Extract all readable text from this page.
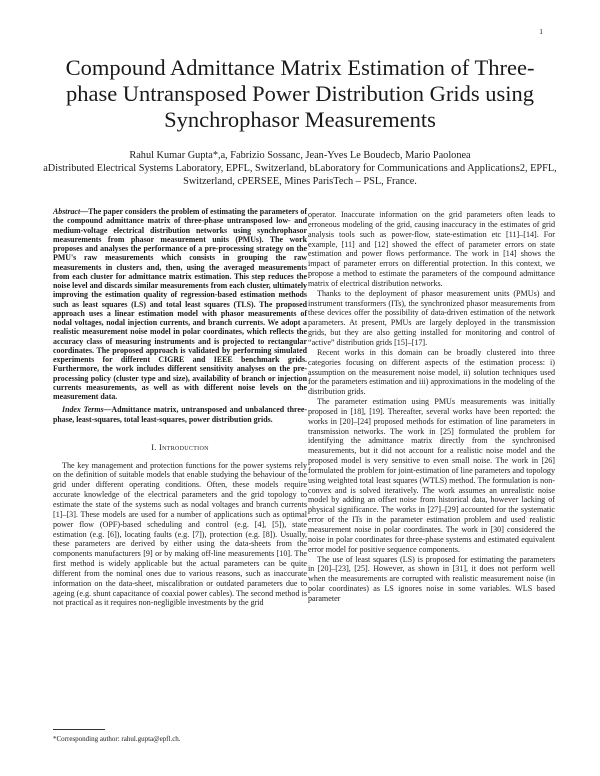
1
Compound Admittance Matrix Estimation of Three-phase Untransposed Power Distribution Grids using Synchrophasor Measurements
Rahul Kumar Gupta*,a, Fabrizio Sossanc, Jean-Yves Le Boudecb, Mario Paolonea
aDistributed Electrical Systems Laboratory, EPFL, Switzerland, bLaboratory for Communications and Applications2, EPFL, Switzerland, cPERSEE, Mines ParisTech – PSL, France.

Abstract—The paper considers the problem of estimating the parameters of the compound admittance matrix of three-phase untransposed low- and medium-voltage electrical distribution networks using synchrophasor measurements from phasor measurement units (PMUs). The work proposes and analyses the performance of a pre-processing strategy on the PMU's raw measurements which consists in grouping the raw measurements in clusters and, then, using the averaged measurements from each cluster for admittance matrix estimation. This step reduces the noise level and discards similar measurements from each cluster, ultimately improving the estimation quality of regression-based estimation methods such as least squares (LS) and total least squares (TLS). The proposed approach uses a linear estimation model with phasor measurements of nodal voltages, nodal injection currents, and branch currents. We adopt a realistic measurement noise model in polar coordinates, which reflects the accuracy class of measuring instruments and is projected to rectangular coordinates. The proposed approach is validated by performing simulated experiments for different CIGRE and IEEE benchmark grids. Furthermore, the work includes different sensitivity analyses on the pre-processing policy (cluster type and size), availability of branch or injection currents measurements, as well as with different noise levels on the measurement data.

Index Terms—Admittance matrix, untransposed and unbalanced three-phase, least-squares, total least-squares, power distribution grids.

I. Introduction

The key management and protection functions for the power systems rely on the definition of suitable models that enable studying the behaviour of the grid under different operating conditions. Often, these models require accurate knowledge of the electrical parameters and the grid topology to estimate the state of the systems such as nodal voltages and branch currents [1]–[3]. These models are used for a number of applications such as optimal power flow (OPF)-based scheduling and control (e.g. [4], [5]), state estimation (e.g. [6]), locating faults (e.g. [7]), protection (e.g. [8]). Usually, these parameters are derived by either using the data-sheets from the components manufacturers [9] or by making off-line measurements [10]. The first method is widely applicable but the actual parameters can be quite different from the nominal ones due to various reasons, such as inaccurate information on the data-sheet, miscalibration or outdated parameters due to ageing (e.g. shunt capacitance of coaxial power cables). The second method is not practical as it requires non-negligible investments by the grid

operator. Inaccurate information on the grid parameters often leads to erroneous modeling of the grid, causing inaccuracy in the estimates of grid analysis tools such as power-flow, state-estimation etc [11]–[14]. For example, [11] and [12] showed the effect of parameter errors on state estimation and power flows performance. The work in [14] shows the impact of parameter errors on differential protection. In this context, we propose a method to estimate the parameters of the compound admittance matrix of electrical distribution networks.

Thanks to the deployment of phasor measurement units (PMUs) and instrument transformers (ITs), the synchronized phasor measurements from these devices offer the possibility of data-driven estimation of the network parameters. At present, PMUs are largely deployed in the transmission grids, but they are also getting installed for monitoring and control of “active” distribution grids [15]–[17].

Recent works in this domain can be broadly clustered into three categories focusing on different aspects of the estimation process: i) assumption on the measurement noise model, ii) solution techniques used for the parameters estimation and iii) approximations in the modeling of the distribution grids.

The parameter estimation using PMUs measurements was initially proposed in [18], [19]. Thereafter, several works have been reported: the works in [20]–[24] proposed methods for estimation of line parameters in transmission networks. The work in [25] formulated the problem for identifying the admittance matrix directly from the synchronised measurements, but it did not account for a realistic noise model and the proposed model is very sensitive to even small noise. The work in [26] formulated the problem for joint-estimation of line parameters and topology using weighted total least squares (WTLS) method. The formulation is non-convex and is solved iteratively. The work assumes an unrealistic noise model by adding an offset noise from historical data, however lacking of physical significance. The works in [27]–[29] accounted for the systematic error of the ITs in the parameter estimation problem and used realistic measurement noise in polar coordinates. The work in [30] considered the noise in polar coordinates for three-phase systems and estimated equivalent error model for positive sequence components.

The use of least squares (LS) is proposed for estimating the parameters in [20]–[23], [25]. However, as shown in [31], it does not perform well when the measurements are corrupted with realistic measurement noise (in polar coordinates) as LS ignores noise in some variables. WLS based parameter

*Corresponding author: rahul.gupta@epfl.ch.
